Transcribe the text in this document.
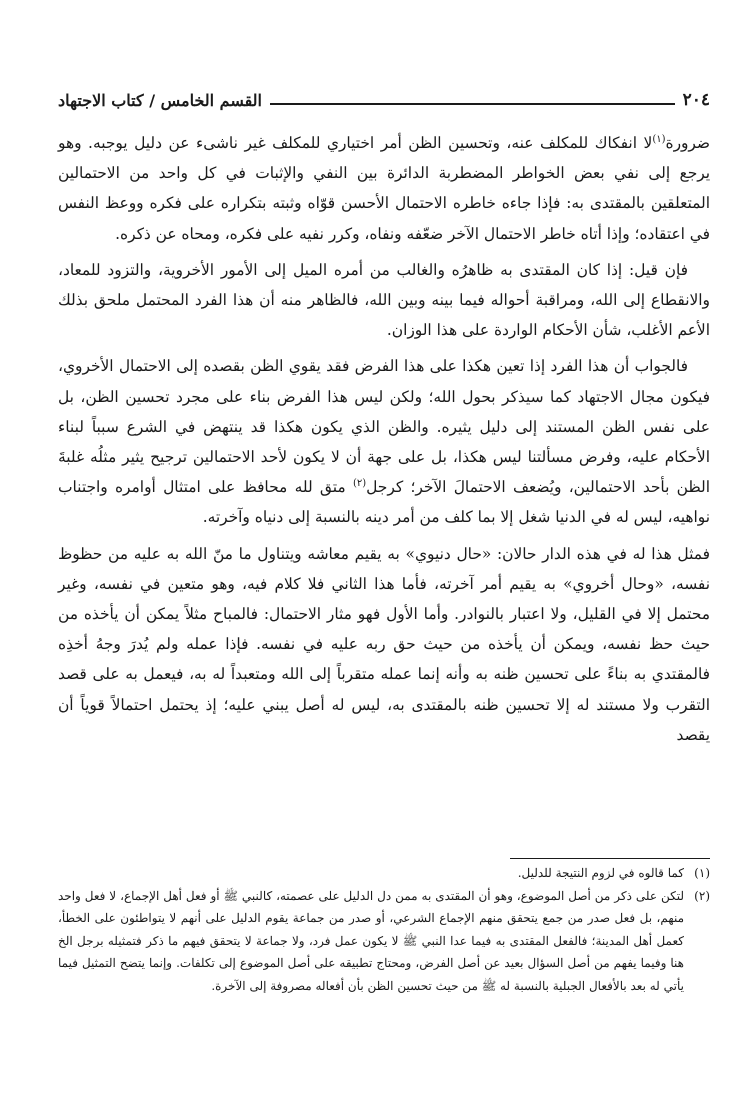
٢٠٤
القسم الخامس / كتاب الاجتهاد

ضرورة$^{(١)}$لا انفكاك للمكلف عنه، وتحسين الظن أمر اختياري للمكلف غير ناشىء عن دليل يوجبه. وهو يرجع إلى نفي بعض الخواطر المضطربة الدائرة بين النفي والإثبات في كل واحد من الاحتمالين المتعلقين بالمقتدى به: فإذا جاءه خاطره الاحتمال الأحسن قوّاه وثبته بتكراره على فكره ووعظ النفس في اعتقاده؛ وإذا أتاه خاطر الاحتمال الآخر ضعّفه ونفاه، وكرر نفيه على فكره، ومحاه عن ذكره.

فإن قيل: إذا كان المقتدى به ظاهرُه والغالب من أمره الميل إلى الأمور الأخروية، والتزود للمعاد، والانقطاع إلى الله، ومراقبة أحواله فيما بينه وبين الله، فالظاهر منه أن هذا الفرد المحتمل ملحق بذلك الأعم الأغلب، شأن الأحكام الواردة على هذا الوزان.

فالجواب أن هذا الفرد إذا تعين هكذا على هذا الفرض فقد يقوي الظن بقصده إلى الاحتمال الأخروي، فيكون مجال الاجتهاد كما سيذكر بحول الله؛ ولكن ليس هذا الفرض بناء على مجرد تحسين الظن، بل على نفس الظن المستند إلى دليل يثيره. والظن الذي يكون هكذا قد ينتهض في الشرع سبباً لبناء الأحكام عليه، وفرض مسألتنا ليس هكذا، بل على جهة أن لا يكون لأحد الاحتمالين ترجيح يثير مثلُه غلبةَ الظن بأحد الاحتمالين، ويُضعف الاحتمالَ الآخر؛ كرجل$^{(٢)}$ متق لله محافظ على امتثال أوامره واجتناب نواهيه، ليس له في الدنيا شغل إلا بما كلف من أمر دينه بالنسبة إلى دنياه وآخرته.

فمثل هذا له في هذه الدار حالان: «حال دنيوي» به يقيم معاشه ويتناول ما منّ الله به عليه من حظوظ نفسه، «وحال أخروي» به يقيم أمر آخرته، فأما هذا الثاني فلا كلام فيه، وهو متعين في نفسه، وغير محتمل إلا في القليل، ولا اعتبار بالنوادر. وأما الأول فهو مثار الاحتمال: فالمباح مثلاً يمكن أن يأخذه من حيث حظ نفسه، ويمكن أن يأخذه من حيث حق ربه عليه في نفسه. فإذا عمله ولم يُدرَ وجهُ أخذِه فالمقتدي به بناءً على تحسين ظنه به وأنه إنما عمله متقرباً إلى الله ومتعبداً له به، فيعمل به على قصد التقرب ولا مستند له إلا تحسين ظنه بالمقتدى به، ليس له أصل يبني عليه؛ إذ يحتمل احتمالاً قوياً أن يقصد

(١)
كما قالوه في لزوم النتيجة للدليل.
(٢)
لتكن على ذكر من أصل الموضوع، وهو أن المقتدى به ممن دل الدليل على عصمته، كالنبي ﷺ أو فعل أهل الإجماع، لا فعل واحد منهم، بل فعل صدر من جمع يتحقق منهم الإجماع الشرعي، أو صدر من جماعة يقوم الدليل على أنهم لا يتواطئون على الخطأ، كعمل أهل المدينة؛ فالفعل المقتدى به فيما عدا النبي ﷺ لا يكون عمل فرد، ولا جماعة لا يتحقق فيهم ما ذكر فتمثيله برجل الخ هنا وفيما يفهم من أصل السؤال بعيد عن أصل الفرض، ومحتاج تطبيقه على أصل الموضوع إلى تكلفات. وإنما يتضح التمثيل فيما يأتي له بعد بالأفعال الجبلية بالنسبة له ﷺ من حيث تحسين الظن بأن أفعاله مصروفة إلى الآخرة.
